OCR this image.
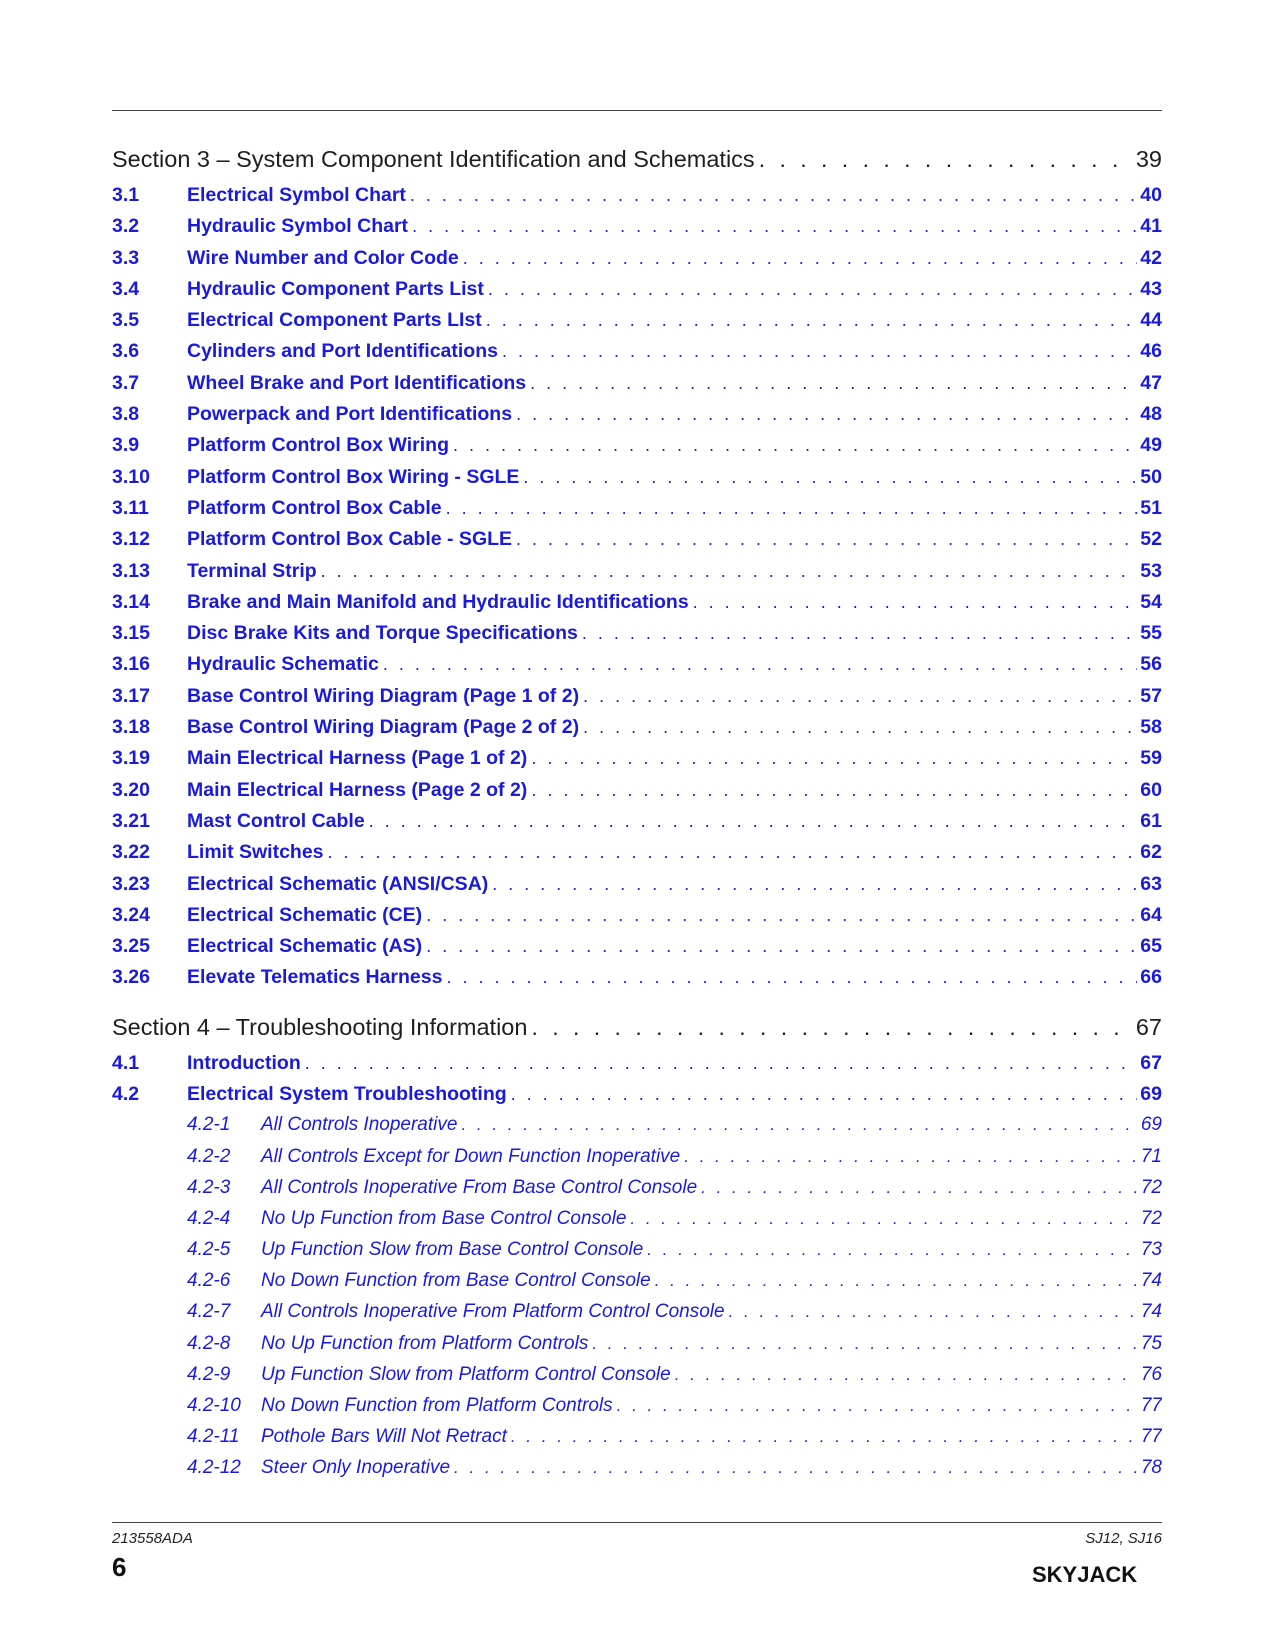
Section 3 – System Component Identification and Schematics . . .	39
3.1	Electrical Symbol Chart . . .	40
3.2	Hydraulic Symbol Chart . . .	41
3.3	Wire Number and Color Code . . .	42
3.4	Hydraulic Component Parts List . . .	43
3.5	Electrical Component Parts LIst . . .	44
3.6	Cylinders and Port Identifications . . .	46
3.7	Wheel Brake and Port Identifications . . .	47
3.8	Powerpack and Port Identifications . . .	48
3.9	Platform Control Box Wiring . . .	49
3.10	Platform Control Box Wiring - SGLE . . .	50
3.11	Platform Control Box Cable . . .	51
3.12	Platform Control Box Cable - SGLE . . .	52
3.13	Terminal Strip . . .	53
3.14	Brake and Main Manifold and Hydraulic Identifications . . .	54
3.15	Disc Brake Kits and Torque Specifications . . .	55
3.16	Hydraulic Schematic . . .	56
3.17	Base Control Wiring Diagram (Page 1 of 2) . . .	57
3.18	Base Control Wiring Diagram (Page 2 of 2) . . .	58
3.19	Main Electrical Harness (Page 1 of 2) . . .	59
3.20	Main Electrical Harness (Page 2 of 2) . . .	60
3.21	Mast Control Cable . . .	61
3.22	Limit Switches . . .	62
3.23	Electrical Schematic (ANSI/CSA) . . .	63
3.24	Electrical Schematic (CE) . . .	64
3.25	Electrical Schematic (AS) . . .	65
3.26	Elevate Telematics Harness . . .	66
Section 4 – Troubleshooting Information . . .	67
4.1	Introduction . . .	67
4.2	Electrical System Troubleshooting . . .	69
4.2-1	All Controls Inoperative . . .	69
4.2-2	All Controls Except for Down Function Inoperative . . .	71
4.2-3	All Controls Inoperative From Base Control Console . . .	72
4.2-4	No Up Function from Base Control Console . . .	72
4.2-5	Up Function Slow from Base Control Console . . .	73
4.2-6	No Down Function from Base Control Console . . .	74
4.2-7	All Controls Inoperative From Platform Control Console . . .	74
4.2-8	No Up Function from Platform Controls . . .	75
4.2-9	Up Function Slow from Platform Control Console . . .	76
4.2-10	No Down Function from Platform Controls . . .	77
4.2-11	Pothole Bars Will Not Retract . . .	77
4.2-12	Steer Only Inoperative . . .	78
213558ADA
6
SJ12, SJ16
SKYJACK
